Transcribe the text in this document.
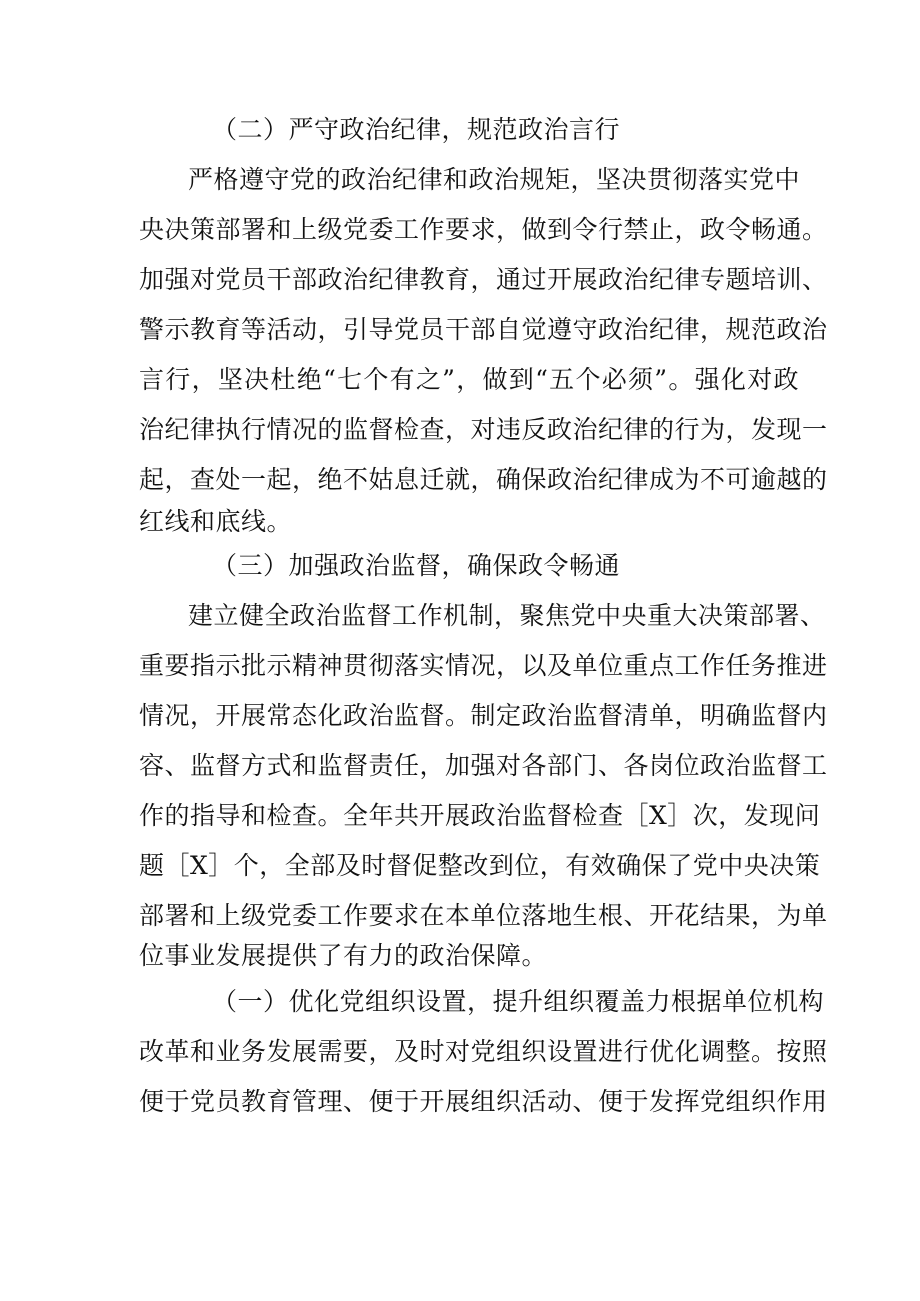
（二）严守政治纪律，规范政治言行
严格遵守党的政治纪律和政治规矩，坚决贯彻落实党中
央决策部署和上级党委工作要求，做到令行禁止，政令畅通。
加强对党员干部政治纪律教育，通过开展政治纪律专题培训、
警示教育等活动，引导党员干部自觉遵守政治纪律，规范政治
言行，坚决杜绝“七个有之”，做到“五个必须”。强化对政
治纪律执行情况的监督检查，对违反政治纪律的行为，发现一
起，查处一起，绝不姑息迁就，确保政治纪律成为不可逾越的
红线和底线。
（三）加强政治监督，确保政令畅通
建立健全政治监督工作机制，聚焦党中央重大决策部署、
重要指示批示精神贯彻落实情况，以及单位重点工作任务推进
情况，开展常态化政治监督。制定政治监督清单，明确监督内
容、监督方式和监督责任，加强对各部门、各岗位政治监督工
作的指导和检查。全年共开展政治监督检查［X］次，发现问
题［X］个，全部及时督促整改到位，有效确保了党中央决策
部署和上级党委工作要求在本单位落地生根、开花结果，为单
位事业发展提供了有力的政治保障。
（一）优化党组织设置，提升组织覆盖力根据单位机构
改革和业务发展需要，及时对党组织设置进行优化调整。按照
便于党员教育管理、便于开展组织活动、便于发挥党组织作用
